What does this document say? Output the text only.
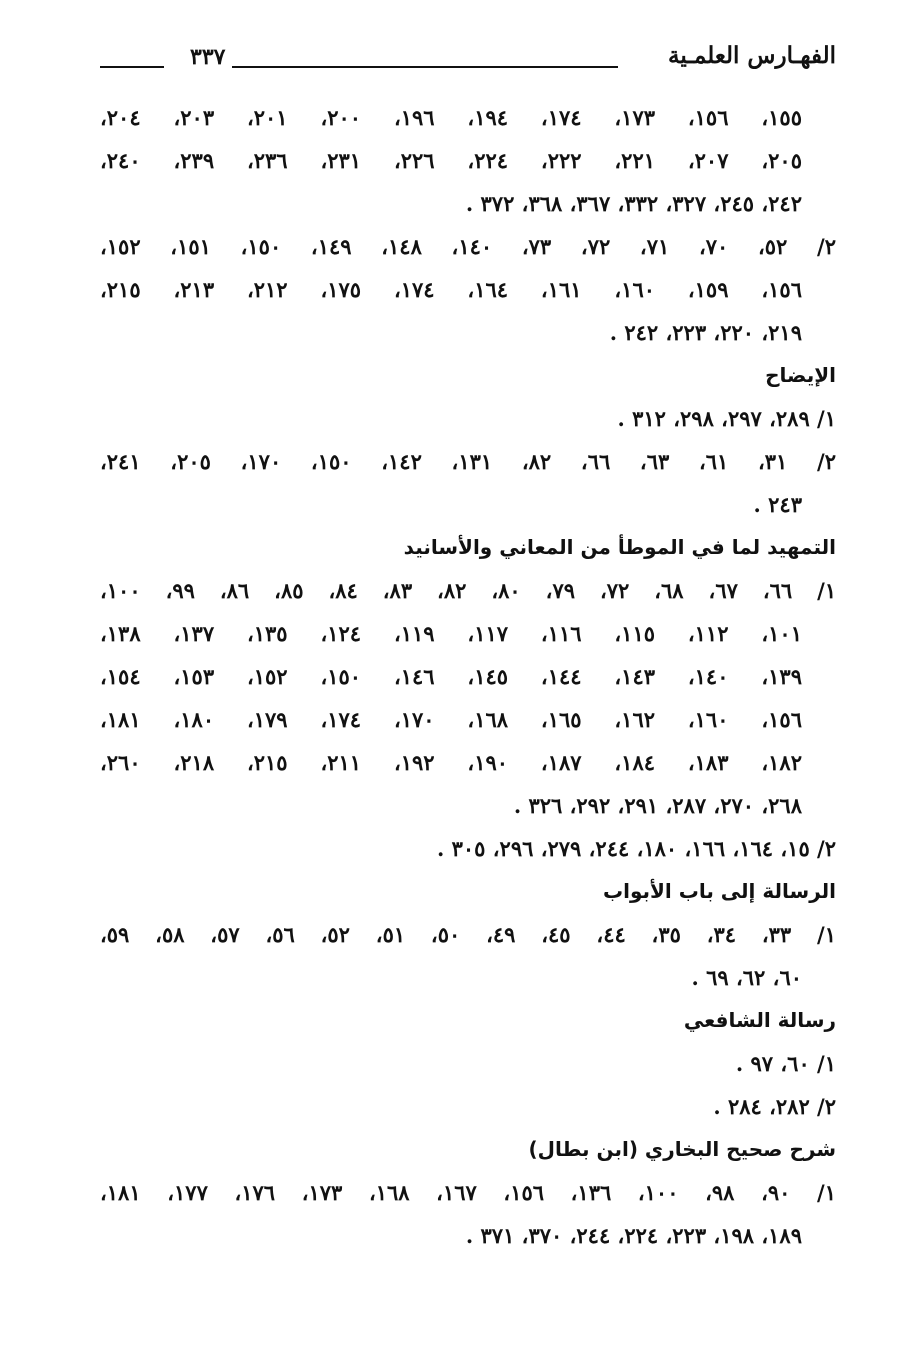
الفهـارس العلمـية
٣٣٧
١٥٥، ١٥٦، ١٧٣، ١٧٤، ١٩٤، ١٩٦، ٢٠٠، ٢٠١، ٢٠٣، ٢٠٤،
٢٠٥، ٢٠٧، ٢٢١، ٢٢٢، ٢٢٤، ٢٢٦، ٢٣١، ٢٣٦، ٢٣٩، ٢٤٠،
٢٤٢، ٢٤٥، ٣٢٧، ٣٣٢، ٣٦٧، ٣٦٨، ٣٧٢ .
٢/ ٥٢، ٧٠، ٧١، ٧٢، ٧٣، ١٤٠، ١٤٨، ١٤٩، ١٥٠، ١٥١، ١٥٢،
١٥٦، ١٥٩، ١٦٠، ١٦١، ١٦٤، ١٧٤، ١٧٥، ٢١٢، ٢١٣، ٢١٥،
٢١٩، ٢٢٠، ٢٢٣، ٢٤٢ .
الإيضاح
١/ ٢٨٩، ٢٩٧، ٢٩٨، ٣١٢ .
٢/ ٣١، ٦١، ٦٣، ٦٦، ٨٢، ١٣١، ١٤٢، ١٥٠، ١٧٠، ٢٠٥، ٢٤١،
٢٤٣ .
التمهيد لما في الموطأ من المعاني والأسانيد
١/ ٦٦، ٦٧، ٦٨، ٧٢، ٧٩، ٨٠، ٨٢، ٨٣، ٨٤، ٨٥، ٨٦، ٩٩، ١٠٠،
١٠١، ١١٢، ١١٥، ١١٦، ١١٧، ١١٩، ١٢٤، ١٣٥، ١٣٧، ١٣٨،
١٣٩، ١٤٠، ١٤٣، ١٤٤، ١٤٥، ١٤٦، ١٥٠، ١٥٢، ١٥٣، ١٥٤،
١٥٦، ١٦٠، ١٦٢، ١٦٥، ١٦٨، ١٧٠، ١٧٤، ١٧٩، ١٨٠، ١٨١،
١٨٢، ١٨٣، ١٨٤، ١٨٧، ١٩٠، ١٩٢، ٢١١، ٢١٥، ٢١٨، ٢٦٠،
٢٦٨، ٢٧٠، ٢٨٧، ٢٩١، ٢٩٢، ٣٢٦ .
٢/ ١٥، ١٦٤، ١٦٦، ١٨٠، ٢٤٤، ٢٧٩، ٢٩٦، ٣٠٥ .
الرسالة إلى باب الأبواب
١/ ٣٣، ٣٤، ٣٥، ٤٤، ٤٥، ٤٩، ٥٠، ٥١، ٥٢، ٥٦، ٥٧، ٥٨، ٥٩،
٦٠، ٦٢، ٦٩ .
رسالة الشافعي
١/ ٦٠، ٩٧ .
٢/ ٢٨٢، ٢٨٤ .
شرح صحيح البخاري (ابن بطال)
١/ ٩٠، ٩٨، ١٠٠، ١٣٦، ١٥٦، ١٦٧، ١٦٨، ١٧٣، ١٧٦، ١٧٧، ١٨١،
١٨٩، ١٩٨، ٢٢٣، ٢٢٤، ٢٤٤، ٣٧٠، ٣٧١ .
